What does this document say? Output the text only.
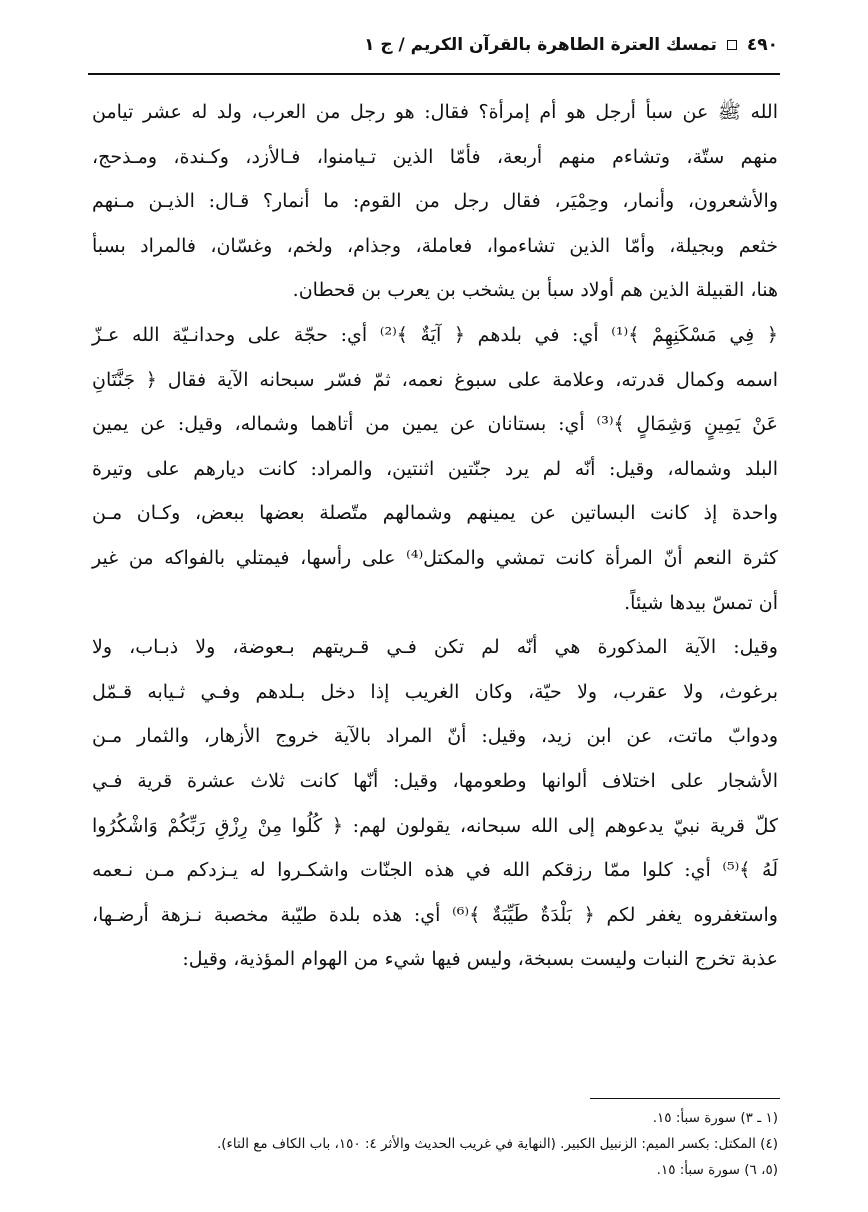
٤٩٠
تمسك العترة الطاهرة بالقرآن الكريم / ج ١

الله ﷺ عن سبأ أرجل هو أم إمرأة؟ فقال: هو رجل من العرب، ولد له عشر تيامن
منهم ستّة، وتشاءم منهم أربعة، فأمّا الذين تـيامنوا، فـالأزد، وكـندة، ومـذحج،
والأشعرون، وأنمار، وحِمْيَر، فقال رجل من القوم: ما أنمار؟ قـال: الذيـن مـنهم
خثعم وبجيلة، وأمّا الذين تشاءموا، فعاملة، وجذام، ولخم، وغسّان، فالمراد بسبأ
هنا، القبيلة الذين هم أولاد سبأ بن يشخب بن يعرب بن قحطان.

﴿ فِي مَسْكَنِهِمْ ﴾⁽¹⁾ أي: في بلدهم ﴿ آيَةٌ ﴾⁽²⁾ أي: حجّة على وحدانـيّة الله عـزّ
اسمه وكمال قدرته، وعلامة على سبوغ نعمه، ثمّ فسّر سبحانه الآية فقال ﴿ جَنَّتَانِ
عَنْ يَمِينٍ وَشِمَالٍ ﴾⁽³⁾ أي: بستانان عن يمين من أتاهما وشماله، وقيل: عن يمين
البلد وشماله، وقيل: أنّه لم يرد جنّتين اثنتين، والمراد: كانت ديارهم على وتيرة
واحدة إذ كانت البساتين عن يمينهم وشمالهم متّصلة بعضها ببعض، وكـان مـن
كثرة النعم أنّ المرأة كانت تمشي والمكتل⁽⁴⁾ على رأسها، فيمتلي بالفواكه من غير
أن تمسّ بيدها شيئاً.

وقيل: الآية المذكورة هي أنّه لم تكن فـي قـريتهم بـعوضة، ولا ذبـاب، ولا
برغوث، ولا عقرب، ولا حيّة، وكان الغريب إذا دخل بـلدهم وفـي ثـيابه قـمّل
ودوابّ ماتت، عن ابن زيد، وقيل: أنّ المراد بالآية خروج الأزهار، والثمار مـن
الأشجار على اختلاف ألوانها وطعومها، وقيل: أنّها كانت ثلاث عشرة قرية فـي
كلّ قرية نبيّ يدعوهم إلى الله سبحانه، يقولون لهم: ﴿ كُلُوا مِنْ رِزْقِ رَبِّكُمْ وَاشْكُرُوا
لَهُ ﴾⁽⁵⁾ أي: كلوا ممّا رزقكم الله في هذه الجنّات واشكـروا له يـزدكم مـن نـعمه
واستغفروه يغفر لكم ﴿ بَلْدَةٌ طَيِّبَةٌ ﴾⁽⁶⁾ أي: هذه بلدة طيّبة مخصبة نـزهة أرضـها،
عذبة تخرج النبات وليست بسبخة، وليس فيها شيء من الهوام المؤذية، وقيل:

(١ ـ ٣) سورة سبأ: ١٥.
(٤) المكتل: بكسر الميم: الزنبيل الكبير. (النهاية في غريب الحديث والأثر ٤: ١٥٠، باب الكاف مع التاء).
(٥، ٦) سورة سبأ: ١٥.
